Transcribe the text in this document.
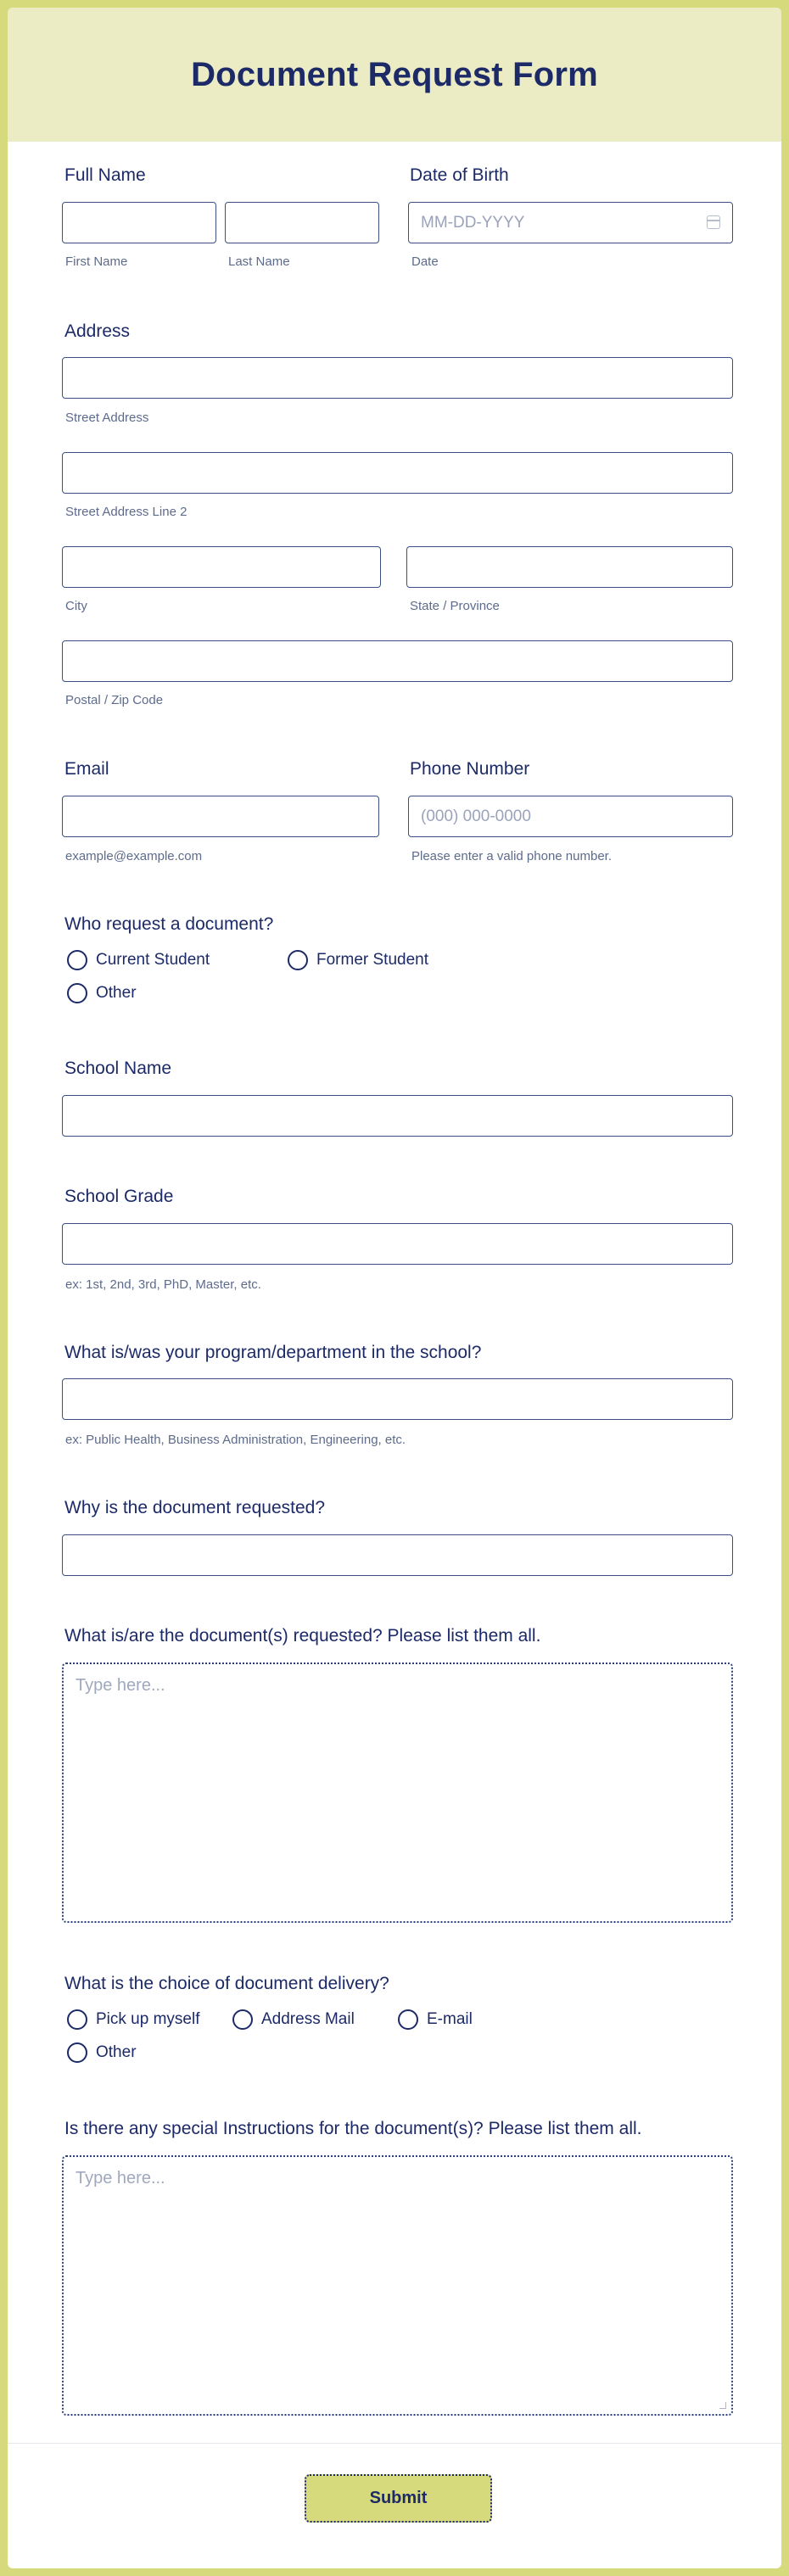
Document Request Form
Full Name
First Name	Last Name
Date of Birth
MM-DD-YYYY
Date
Address
Street Address
Street Address Line 2
City	State / Province
Postal / Zip Code
Email
example@example.com
Phone Number
(000) 000-0000
Please enter a valid phone number.
Who request a document?
Current Student	Former Student
Other
School Name
School Grade
ex: 1st, 2nd, 3rd, PhD, Master, etc.
What is/was your program/department in the school?
ex: Public Health, Business Administration, Engineering, etc.
Why is the document requested?
What is/are the document(s) requested? Please list them all.
Type here...
What is the choice of document delivery?
Pick up myself	Address Mail	E-mail
Other
Is there any special Instructions for the document(s)? Please list them all.
Type here...
Submit
